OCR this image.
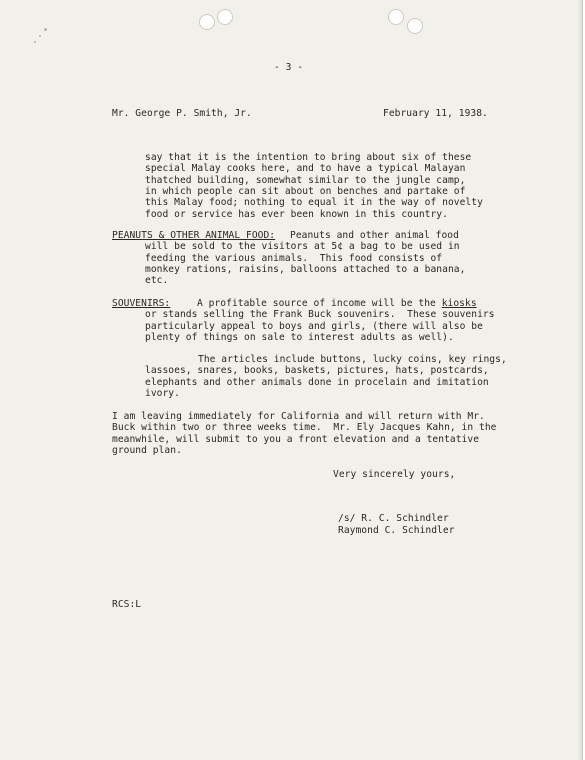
- 3 -

Mr. George P. Smith, Jr.	February 11, 1938.

say that it is the intention to bring about six of these

special Malay cooks here, and to have a typical Malayan

thatched building, somewhat similar to the jungle camp,

in which people can sit about on benches and partake of

this Malay food; nothing to equal it in the way of novelty

food or service has ever been known in this country.

PEANUTS & OTHER ANIMAL FOOD: Peanuts and other animal food

will be sold to the visitors at 5¢ a bag to be used in

feeding the various animals.  This food consists of

monkey rations, raisins, balloons attached to a banana,

etc.

SOUVENIRS:	A profitable source of income will be the kiosks

or stands selling the Frank Buck souvenirs.  These souvenirs

particularly appeal to boys and girls, (there will also be

plenty of things on sale to interest adults as well).

The articles include buttons, lucky coins, key rings,

lassoes, snares, books, baskets, pictures, hats, postcards,

elephants and other animals done in procelain and imitation

ivory.

I am leaving immediately for California and will return with Mr.

Buck within two or three weeks time.  Mr. Ely Jacques Kahn, in the

meanwhile, will submit to you a front elevation and a tentative

ground plan.

Very sincerely yours,

/s/ R. C. Schindler

Raymond C. Schindler

RCS:L
